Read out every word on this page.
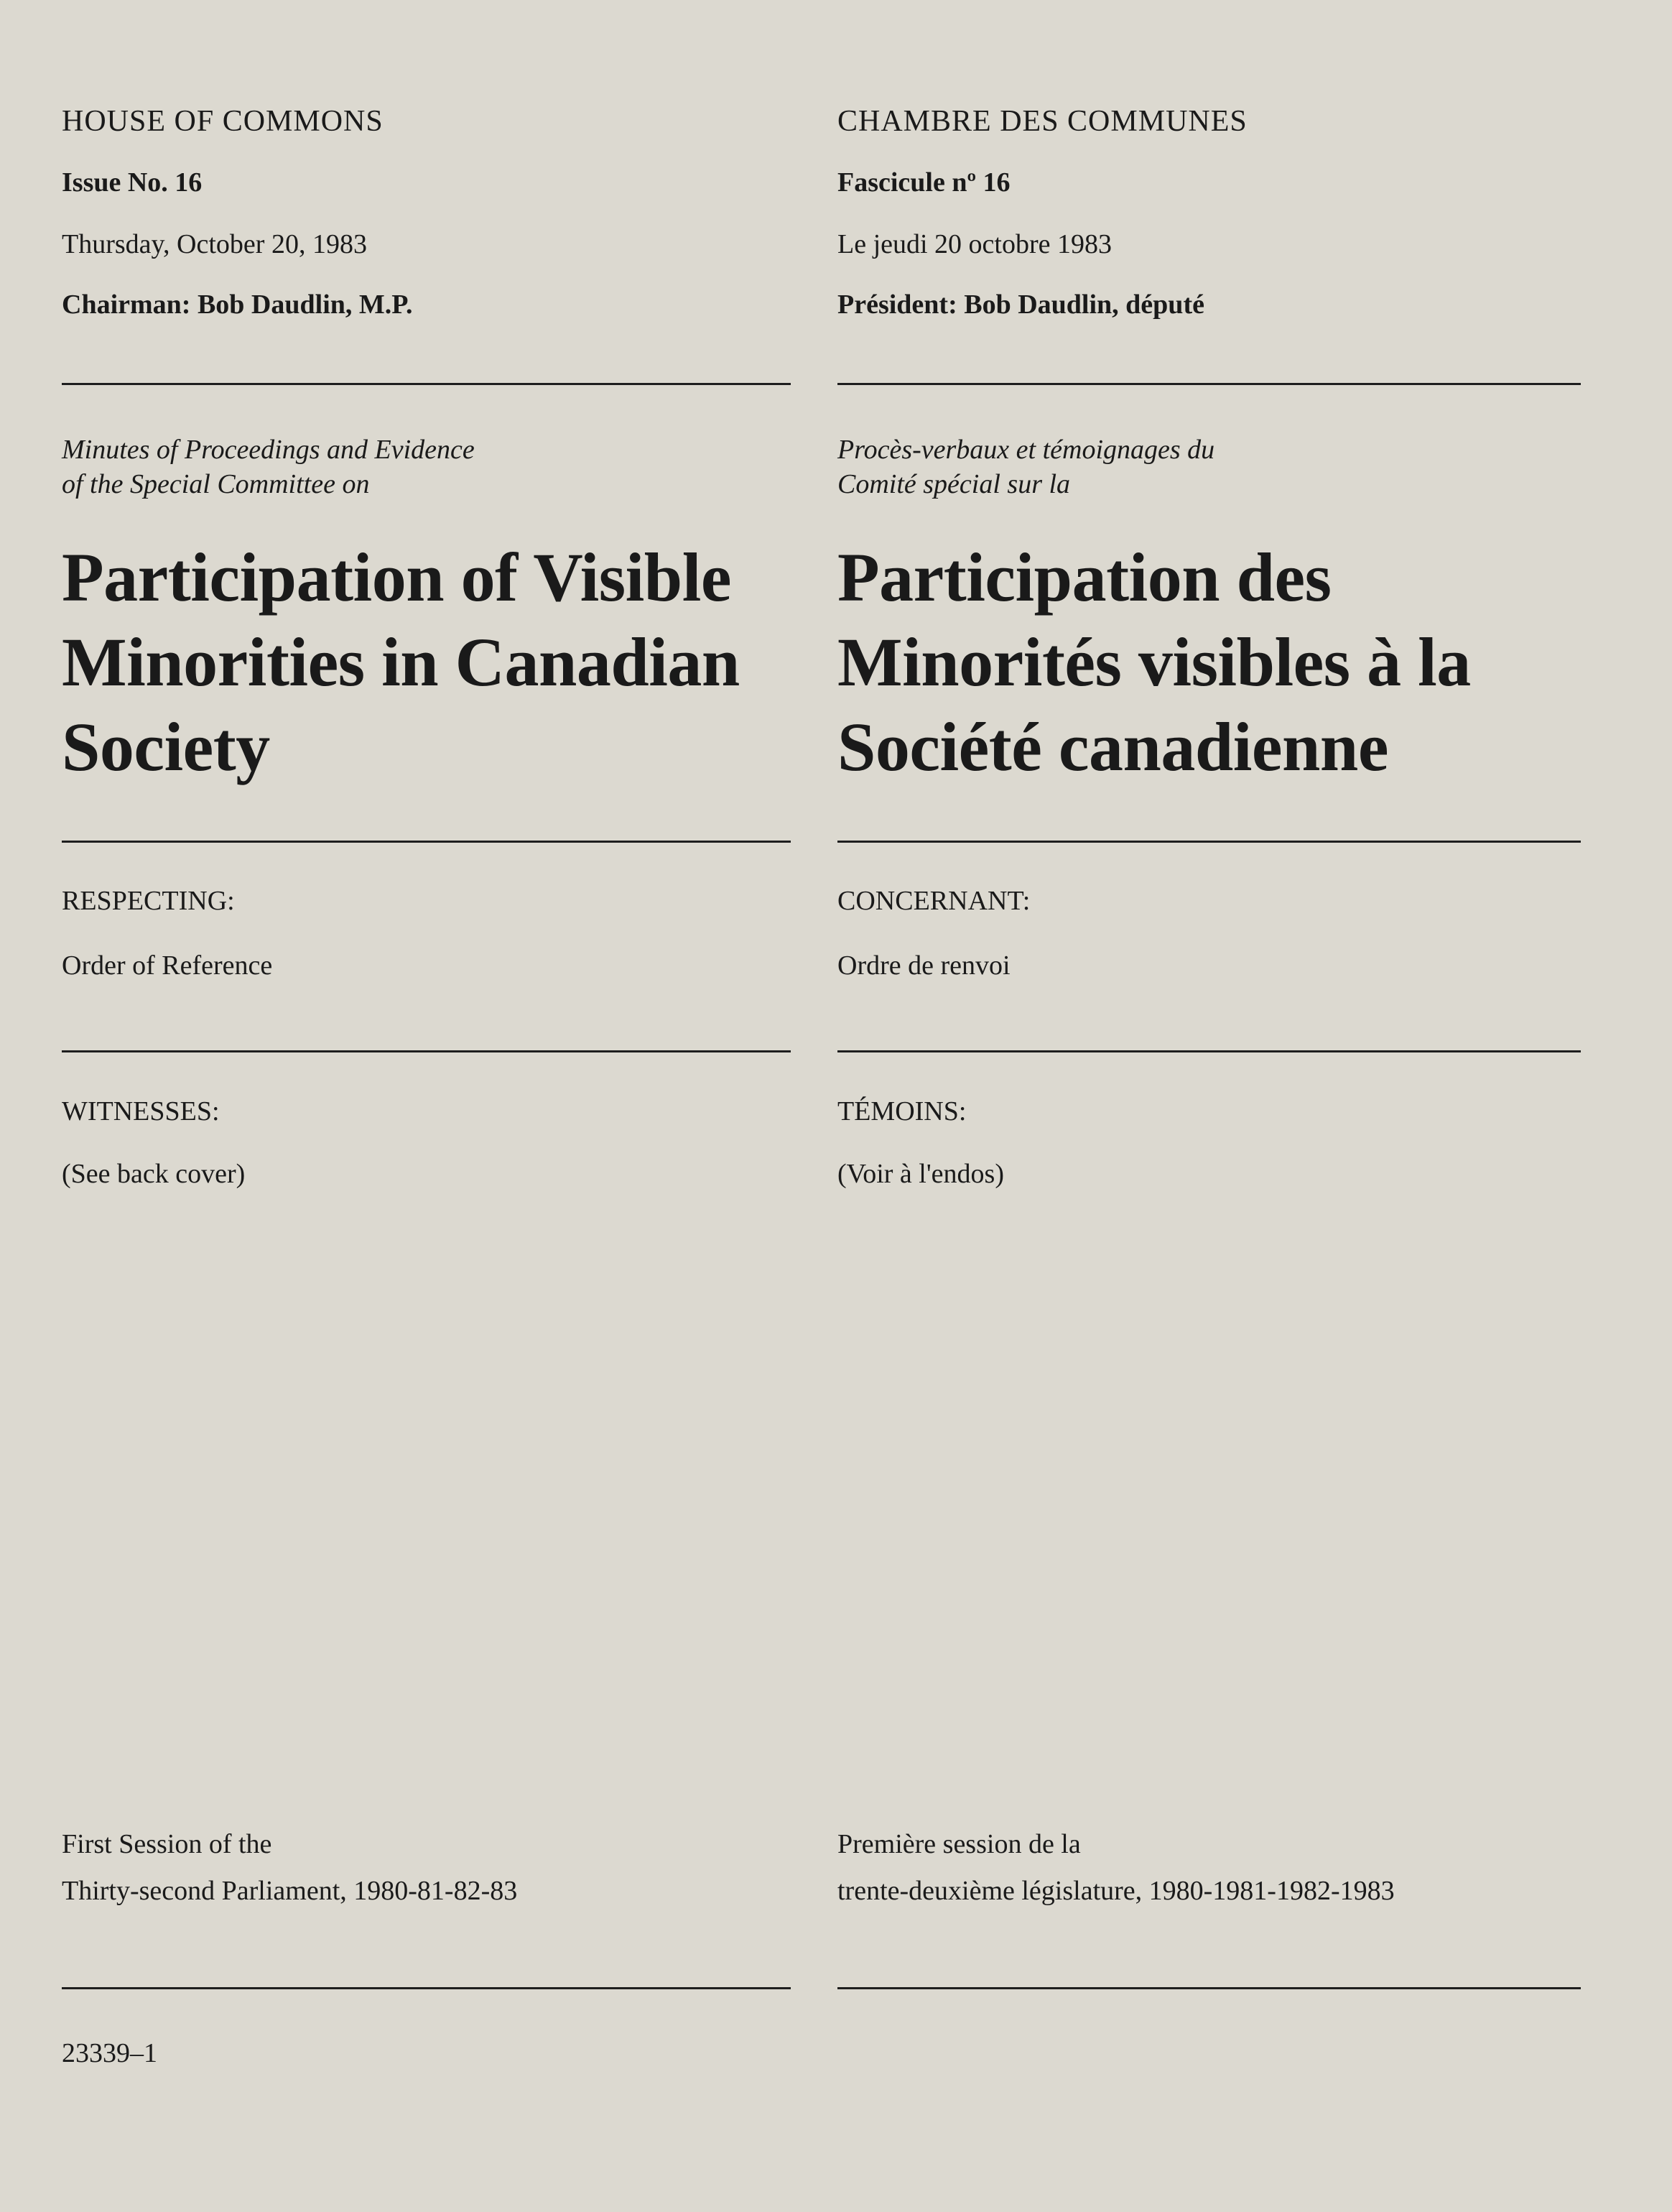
HOUSE OF COMMONS
Issue No. 16
Thursday, October 20, 1983
Chairman: Bob Daudlin, M.P.
Minutes of Proceedings and Evidence
of the Special Committee on
Participation of Visible Minorities in Canadian Society
RESPECTING:
Order of Reference
WITNESSES:
(See back cover)
First Session of the
Thirty-second Parliament, 1980-81-82-83
23339–1
CHAMBRE DES COMMUNES
Fascicule nº 16
Le jeudi 20 octobre 1983
Président: Bob Daudlin, député
Procès-verbaux et témoignages du
Comité spécial sur la
Participation des Minorités visibles à la Société canadienne
CONCERNANT:
Ordre de renvoi
TÉMOINS:
(Voir à l'endos)
Première session de la
trente-deuxième législature, 1980-1981-1982-1983
